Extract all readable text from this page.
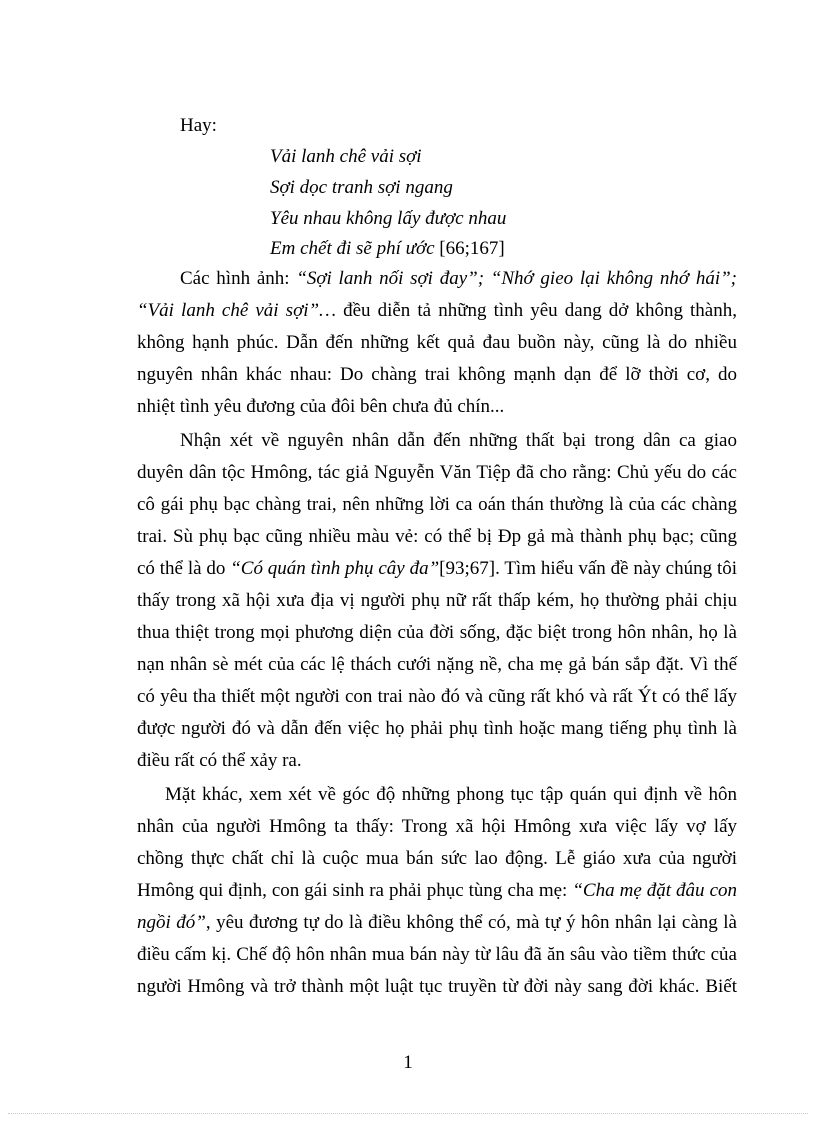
Hay:
Vải lanh chê vải sợi
Sợi dọc tranh sợi ngang
Yêu nhau không lấy được nhau
Em chết đi sẽ phí ước [66;167]
Các hình ảnh: “Sợi lanh nối sợi đay”; “Nhớ gieo lại không nhớ hái”;
“Vải lanh chê vải sợi”… đều diễn tả những tình yêu dang dở không thành,
không hạnh phúc. Dẫn đến những kết quả đau buồn này, cũng là do nhiều
nguyên nhân khác nhau: Do chàng trai không mạnh dạn để lỡ thời cơ, do
nhiệt tình yêu đương của đôi bên chưa đủ chín...
Nhận xét về nguyên nhân dẫn đến những thất bại trong dân ca giao
duyên dân tộc Hmông, tác giả Nguyễn Văn Tiệp đã cho rằng: Chủ yếu do các
cô gái phụ bạc chàng trai, nên những lời ca oán thán thường là của các chàng
trai. Sù phụ bạc cũng nhiều màu vẻ: có thể bị Ðp gả mà thành phụ bạc; cũng
có thể là do “Có quán tình phụ cây đa”[93;67]. Tìm hiểu vấn đề này chúng tôi
thấy trong xã hội xưa địa vị người phụ nữ rất thấp kém, họ thường phải chịu
thua thiệt trong mọi phương diện của đời sống, đặc biệt trong hôn nhân, họ là
nạn nhân sè mét của các lệ thách cưới nặng nề, cha mẹ gả bán sắp đặt. Vì thế
có yêu tha thiết một người con trai nào đó và cũng rất khó và rất Ýt có thể lấy
được người đó và dẫn đến việc họ phải phụ tình hoặc mang tiếng phụ tình là
điều rất có thể xảy ra.
Mặt khác, xem xét về góc độ những phong tục tập quán qui định về hôn
nhân của người Hmông ta thấy: Trong xã hội Hmông xưa việc lấy vợ lấy
chồng thực chất chỉ là cuộc mua bán sức lao động. Lễ giáo xưa của người
Hmông qui định, con gái sinh ra phải phục tùng cha mẹ: “Cha mẹ đặt đâu con
ngồi đó”, yêu đương tự do là điều không thể có, mà tự ý hôn nhân lại càng là
điều cấm kị. Chế độ hôn nhân mua bán này từ lâu đã ăn sâu vào tiềm thức của
người Hmông và trở thành một luật tục truyền từ đời này sang đời khác. Biết
1
